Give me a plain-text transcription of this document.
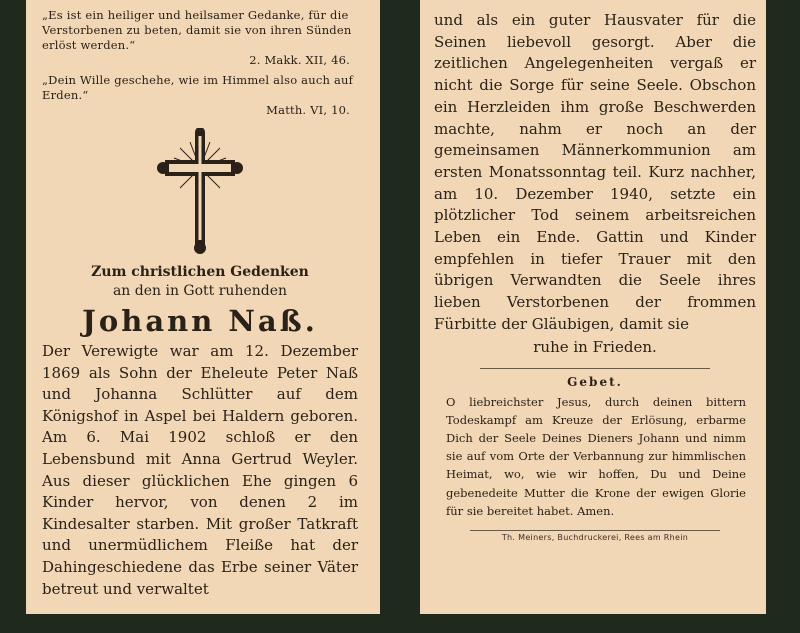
„Es ist ein heiliger und heilsamer Gedanke, für die Verstorbenen zu beten, damit sie von ihren Sünden erlöst werden.“
2. Makk. XII, 46.
„Dein Wille geschehe, wie im Himmel also auch auf Erden.“
Matth. VI, 10.
Zum christlichen Gedenken
an den in Gott ruhenden
Johann Naß.
Der Verewigte war am 12. Dezember 1869 als Sohn der Eheleute Peter Naß und Johanna Schlütter auf dem Königshof in Aspel bei Haldern geboren. Am 6. Mai 1902 schloß er den Lebensbund mit Anna Gertrud Weyler. Aus dieser glücklichen Ehe gingen 6 Kinder hervor, von denen 2 im Kindesalter starben. Mit großer Tatkraft und unermüdlichem Fleiße hat der Dahingeschiedene das Erbe seiner Väter betreut und verwaltet
und als ein guter Hausvater für die Seinen liebevoll gesorgt. Aber die zeitlichen Angelegenheiten vergaß er nicht die Sorge für seine Seele. Obschon ein Herzleiden ihm große Beschwerden machte, nahm er noch an der gemeinsamen Männerkommunion am ersten Monatssonntag teil. Kurz nachher, am 10. Dezember 1940, setzte ein plötzlicher Tod seinem arbeitsreichen Leben ein Ende. Gattin und Kinder empfehlen in tiefer Trauer mit den übrigen Verwandten die Seele ihres lieben Verstorbenen der frommen Fürbitte der Gläubigen, damit sie
ruhe in Frieden.
Gebet.
O liebreichster Jesus, durch deinen bittern Todeskampf am Kreuze der Erlösung, erbarme Dich der Seele Deines Dieners Johann und nimm sie auf vom Orte der Verbannung zur himmlischen Heimat, wo, wie wir hoffen, Du und Deine gebenedeite Mutter die Krone der ewigen Glorie für sie bereitet habet. Amen.
Th. Meiners, Buchdruckerei, Rees am Rhein
